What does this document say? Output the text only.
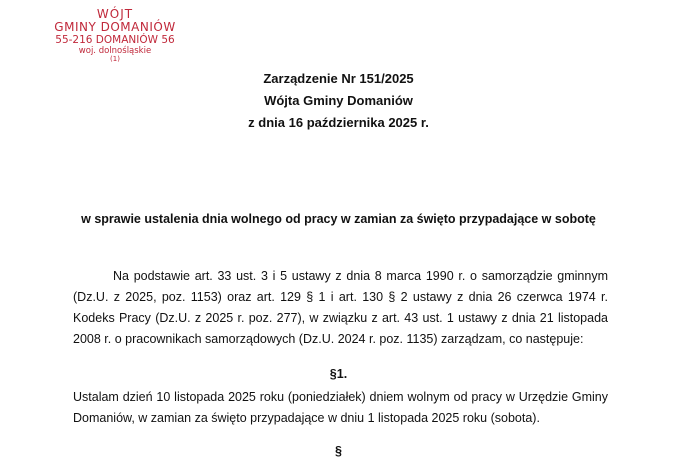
WÓJT
GMINY DOMANIÓW
55-216 DOMANIÓW 56
woj. dolnośląskie
(1)
Zarządzenie Nr 151/2025
Wójta Gminy Domaniów
z dnia 16 października 2025 r.
w sprawie ustalenia dnia wolnego od pracy w zamian za święto przypadające w sobotę
Na podstawie art. 33 ust. 3 i 5 ustawy z dnia 8 marca 1990 r. o samorządzie gminnym (Dz.U. z 2025, poz. 1153) oraz art. 129 § 1 i art. 130 § 2 ustawy z dnia 26 czerwca 1974 r. Kodeks Pracy (Dz.U. z 2025 r. poz. 277), w związku z art. 43 ust. 1 ustawy z dnia 21 listopada 2008 r. o pracownikach samorządowych (Dz.U. 2024 r. poz. 1135) zarządzam, co następuje:
§1.
Ustalam dzień 10 listopada 2025 roku (poniedziałek) dniem wolnym od pracy w Urzędzie Gminy Domaniów, w zamian za święto przypadające w dniu 1 listopada 2025 roku (sobota).
§
